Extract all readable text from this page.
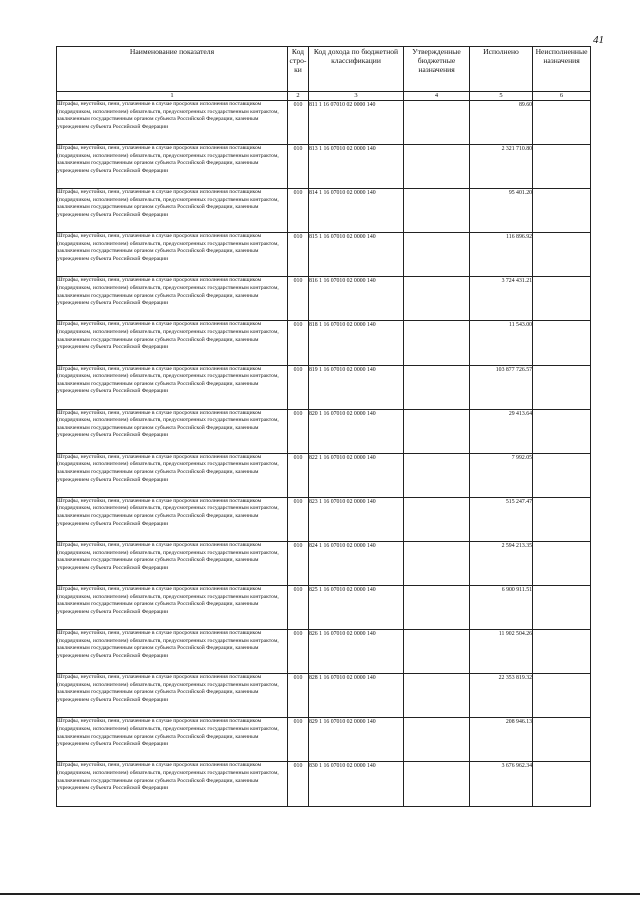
41
Наименование показателя	Код стро-ки	Код дохода по бюджетной классификации	Утвержденные бюджетные назначения	Исполнено	Неисполненные назначения
1	2	3	4	5	6
Штрафы, неустойки, пени, уплаченные в случае просрочки исполнения поставщиком (подрядчиком, исполнителем) обязательств, предусмотренных государственным контрактом, заключенным государственным органом субъекта Российской Федерации, казенным учреждением субъекта Российской Федерации	010	811 1 16 07010 02 0000 140		89.60	
Штрафы, неустойки, пени, уплаченные в случае просрочки исполнения поставщиком (подрядчиком, исполнителем) обязательств, предусмотренных государственным контрактом, заключенным государственным органом субъекта Российской Федерации, казенным учреждением субъекта Российской Федерации	010	813 1 16 07010 02 0000 140		2 321 710.80	
Штрафы, неустойки, пени, уплаченные в случае просрочки исполнения поставщиком (подрядчиком, исполнителем) обязательств, предусмотренных государственным контрактом, заключенным государственным органом субъекта Российской Федерации, казенным учреждением субъекта Российской Федерации	010	814 1 16 07010 02 0000 140		95 401.20	
Штрафы, неустойки, пени, уплаченные в случае просрочки исполнения поставщиком (подрядчиком, исполнителем) обязательств, предусмотренных государственным контрактом, заключенным государственным органом субъекта Российской Федерации, казенным учреждением субъекта Российской Федерации	010	815 1 16 07010 02 0000 140		116 896.92	
Штрафы, неустойки, пени, уплаченные в случае просрочки исполнения поставщиком (подрядчиком, исполнителем) обязательств, предусмотренных государственным контрактом, заключенным государственным органом субъекта Российской Федерации, казенным учреждением субъекта Российской Федерации	010	816 1 16 07010 02 0000 140		3 724 431.21	
Штрафы, неустойки, пени, уплаченные в случае просрочки исполнения поставщиком (подрядчиком, исполнителем) обязательств, предусмотренных государственным контрактом, заключенным государственным органом субъекта Российской Федерации, казенным учреждением субъекта Российской Федерации	010	818 1 16 07010 02 0000 140		11 543.00	
Штрафы, неустойки, пени, уплаченные в случае просрочки исполнения поставщиком (подрядчиком, исполнителем) обязательств, предусмотренных государственным контрактом, заключенным государственным органом субъекта Российской Федерации, казенным учреждением субъекта Российской Федерации	010	819 1 16 07010 02 0000 140		103 877 726.57	
Штрафы, неустойки, пени, уплаченные в случае просрочки исполнения поставщиком (подрядчиком, исполнителем) обязательств, предусмотренных государственным контрактом, заключенным государственным органом субъекта Российской Федерации, казенным учреждением субъекта Российской Федерации	010	820 1 16 07010 02 0000 140		29 413.64	
Штрафы, неустойки, пени, уплаченные в случае просрочки исполнения поставщиком (подрядчиком, исполнителем) обязательств, предусмотренных государственным контрактом, заключенным государственным органом субъекта Российской Федерации, казенным учреждением субъекта Российской Федерации	010	822 1 16 07010 02 0000 140		7 992.05	
Штрафы, неустойки, пени, уплаченные в случае просрочки исполнения поставщиком (подрядчиком, исполнителем) обязательств, предусмотренных государственным контрактом, заключенным государственным органом субъекта Российской Федерации, казенным учреждением субъекта Российской Федерации	010	823 1 16 07010 02 0000 140		515 247.47	
Штрафы, неустойки, пени, уплаченные в случае просрочки исполнения поставщиком (подрядчиком, исполнителем) обязательств, предусмотренных государственным контрактом, заключенным государственным органом субъекта Российской Федерации, казенным учреждением субъекта Российской Федерации	010	824 1 16 07010 02 0000 140		2 594 213.35	
Штрафы, неустойки, пени, уплаченные в случае просрочки исполнения поставщиком (подрядчиком, исполнителем) обязательств, предусмотренных государственным контрактом, заключенным государственным органом субъекта Российской Федерации, казенным учреждением субъекта Российской Федерации	010	825 1 16 07010 02 0000 140		6 900 911.51	
Штрафы, неустойки, пени, уплаченные в случае просрочки исполнения поставщиком (подрядчиком, исполнителем) обязательств, предусмотренных государственным контрактом, заключенным государственным органом субъекта Российской Федерации, казенным учреждением субъекта Российской Федерации	010	826 1 16 07010 02 0000 140		11 902 504.26	
Штрафы, неустойки, пени, уплаченные в случае просрочки исполнения поставщиком (подрядчиком, исполнителем) обязательств, предусмотренных государственным контрактом, заключенным государственным органом субъекта Российской Федерации, казенным учреждением субъекта Российской Федерации	010	828 1 16 07010 02 0000 140		22 353 819.32	
Штрафы, неустойки, пени, уплаченные в случае просрочки исполнения поставщиком (подрядчиком, исполнителем) обязательств, предусмотренных государственным контрактом, заключенным государственным органом субъекта Российской Федерации, казенным учреждением субъекта Российской Федерации	010	829 1 16 07010 02 0000 140		208 946.13	
Штрафы, неустойки, пени, уплаченные в случае просрочки исполнения поставщиком (подрядчиком, исполнителем) обязательств, предусмотренных государственным контрактом, заключенным государственным органом субъекта Российской Федерации, казенным учреждением субъекта Российской Федерации	010	830 1 16 07010 02 0000 140		3 676 962.34	
